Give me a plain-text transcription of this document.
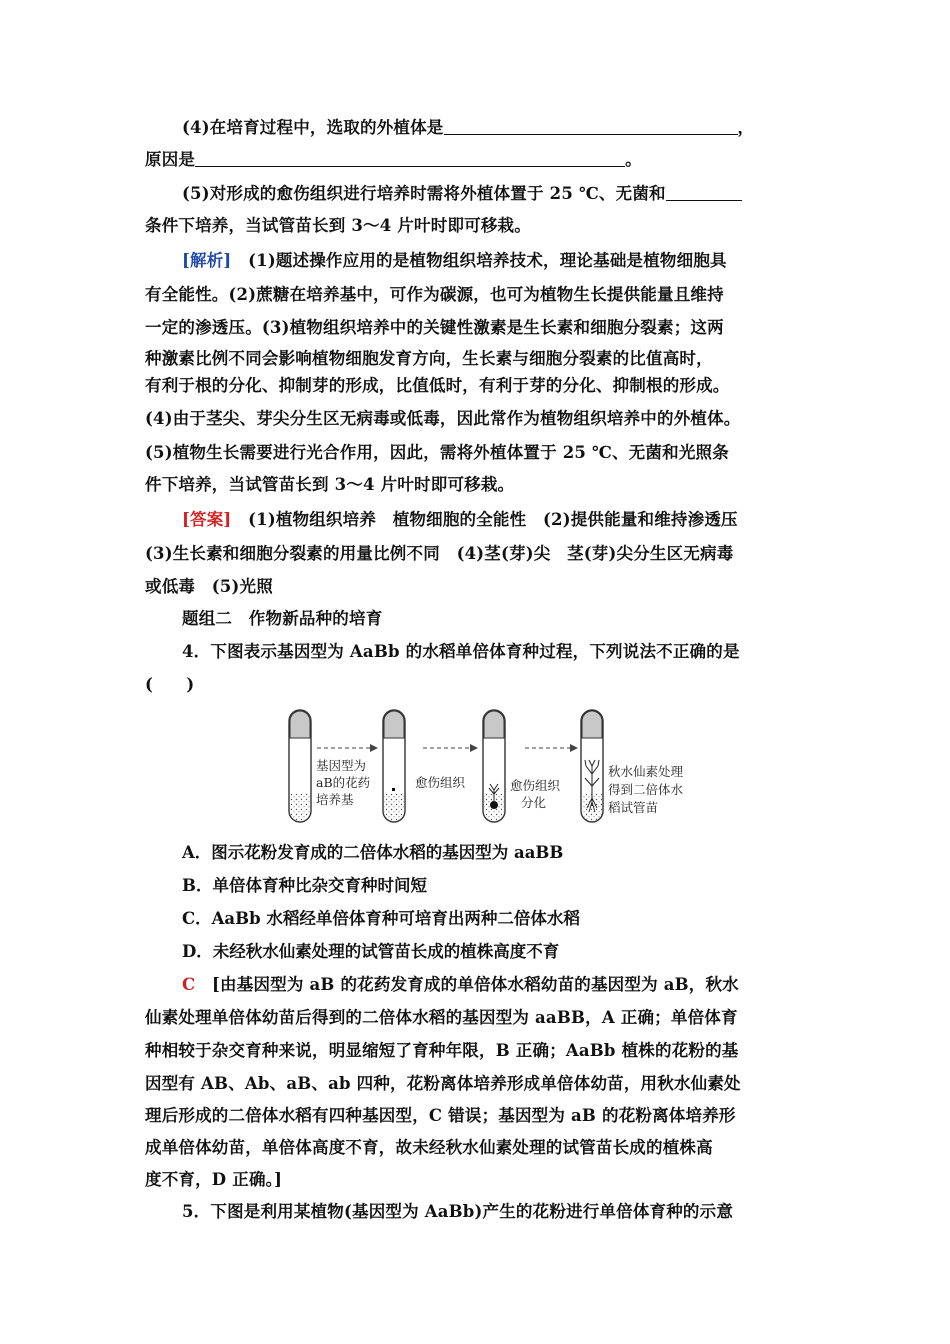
(4)在培育过程中，选取的外植体是	，
原因是	。
(5)对形成的愈伤组织进行培养时需将外植体置于 25 ℃、无菌和
条件下培养，当试管苗长到 3～4 片叶时即可移栽。
[解析]　 (1)题述操作应用的是植物组织培养技术，理论基础是植物细胞具
有全能性。(2)蔗糖在培养基中，可作为碳源，也可为植物生长提供能量且维持
一定的渗透压。(3)植物组织培养中的关键性激素是生长素和细胞分裂素；这两
种激素比例不同会影响植物细胞发育方向，生长素与细胞分裂素的比值高时，
有利于根的分化、抑制芽的形成，比值低时，有利于芽的分化、抑制根的形成。
(4)由于茎尖、芽尖分生区无病毒或低毒，因此常作为植物组织培养中的外植体。
(5)植物生长需要进行光合作用，因此，需将外植体置于 25 ℃、无菌和光照条
件下培养，当试管苗长到 3～4 片叶时即可移栽。
[答案]　 (1)植物组织培养　植物细胞的全能性　(2)提供能量和维持渗透压
(3)生长素和细胞分裂素的用量比例不同　(4)茎(芽)尖　茎(芽)尖分生区无病毒
或低毒　(5)光照
题组二　作物新品种的培育
4．下图表示基因型为 AaBb 的水稻单倍体育种过程，下列说法不正确的是
(　　)
基因型为
aB的花药
培养基
愈伤组织	愈伤组织
分化
秋水仙素处理
得到二倍体水
稻试管苗
A．图示花粉发育成的二倍体水稻的基因型为 aaBB
B．单倍体育种比杂交育种时间短
C．AaBb 水稻经单倍体育种可培育出两种二倍体水稻
D．未经秋水仙素处理的试管苗长成的植株高度不育
C　 [由基因型为 aB 的花药发育成的单倍体水稻幼苗的基因型为 aB，秋水
仙素处理单倍体幼苗后得到的二倍体水稻的基因型为 aaBB，A 正确；单倍体育
种相较于杂交育种来说，明显缩短了育种年限，B 正确；AaBb 植株的花粉的基
因型有 AB、Ab、aB、ab 四种，花粉离体培养形成单倍体幼苗，用秋水仙素处
理后形成的二倍体水稻有四种基因型，C 错误；基因型为 aB 的花粉离体培养形
成单倍体幼苗，单倍体高度不育，故未经秋水仙素处理的试管苗长成的植株高
度不育，D 正确。]
5．下图是利用某植物(基因型为 AaBb)产生的花粉进行单倍体育种的示意
